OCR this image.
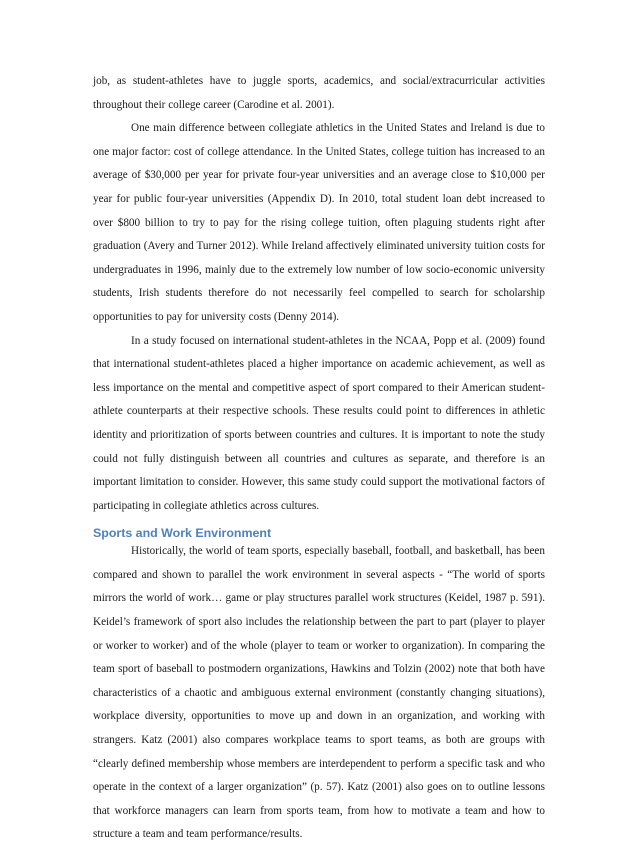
job, as student-athletes have to juggle sports, academics, and social/extracurricular activities throughout their college career (Carodine et al. 2001).

One main difference between collegiate athletics in the United States and Ireland is due to one major factor: cost of college attendance. In the United States, college tuition has increased to an average of $30,000 per year for private four-year universities and an average close to $10,000 per year for public four-year universities (Appendix D). In 2010, total student loan debt increased to over $800 billion to try to pay for the rising college tuition, often plaguing students right after graduation (Avery and Turner 2012). While Ireland affectively eliminated university tuition costs for undergraduates in 1996, mainly due to the extremely low number of low socio-economic university students, Irish students therefore do not necessarily feel compelled to search for scholarship opportunities to pay for university costs (Denny 2014).

In a study focused on international student-athletes in the NCAA, Popp et al. (2009) found that international student-athletes placed a higher importance on academic achievement, as well as less importance on the mental and competitive aspect of sport compared to their American student-athlete counterparts at their respective schools. These results could point to differences in athletic identity and prioritization of sports between countries and cultures. It is important to note the study could not fully distinguish between all countries and cultures as separate, and therefore is an important limitation to consider. However, this same study could support the motivational factors of participating in collegiate athletics across cultures.

Sports and Work Environment

Historically, the world of team sports, especially baseball, football, and basketball, has been compared and shown to parallel the work environment in several aspects - “The world of sports mirrors the world of work… game or play structures parallel work structures (Keidel, 1987 p. 591). Keidel’s framework of sport also includes the relationship between the part to part (player to player or worker to worker) and of the whole (player to team or worker to organization). In comparing the team sport of baseball to postmodern organizations, Hawkins and Tolzin (2002) note that both have characteristics of a chaotic and ambiguous external environment (constantly changing situations), workplace diversity, opportunities to move up and down in an organization, and working with strangers. Katz (2001) also compares workplace teams to sport teams, as both are groups with “clearly defined membership whose members are interdependent to perform a specific task and who operate in the context of a larger organization” (p. 57). Katz (2001) also goes on to outline lessons that workforce managers can learn from sports team, from how to motivate a team and how to structure a team and team performance/results.
